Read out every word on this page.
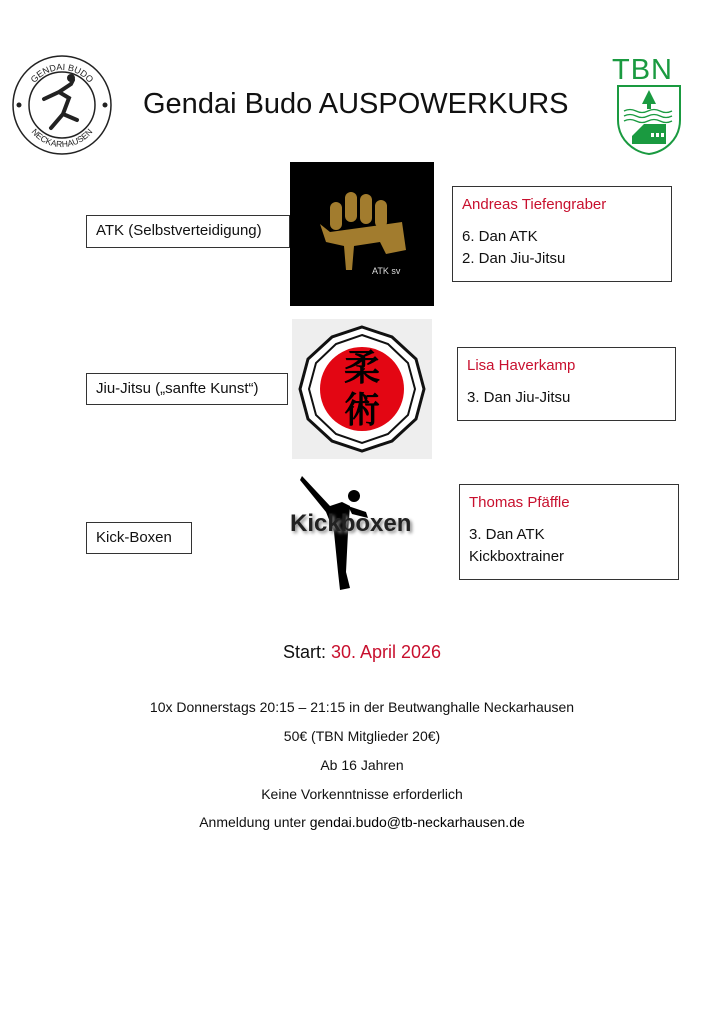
GENDAI BUDO
NECKARHAUSEN
Gendai Budo AUSPOWERKURS
TBN
ATK (Selbstverteidigung)
ATK sv
Andreas Tiefengraber
6. Dan ATK
2. Dan Jiu-Jitsu
Jiu-Jitsu („sanfte Kunst“)
柔術
Lisa Haverkamp
3. Dan Jiu-Jitsu
Kick-Boxen
Kickboxen
Thomas Pfäffle
3. Dan ATK
Kickboxtrainer
Start: 30. April 2026
10x Donnerstags 20:15 – 21:15 in der Beutwanghalle Neckarhausen
50€ (TBN Mitglieder 20€)
Ab 16 Jahren
Keine Vorkenntnisse erforderlich
Anmeldung unter gendai.budo@tb-neckarhausen.de
